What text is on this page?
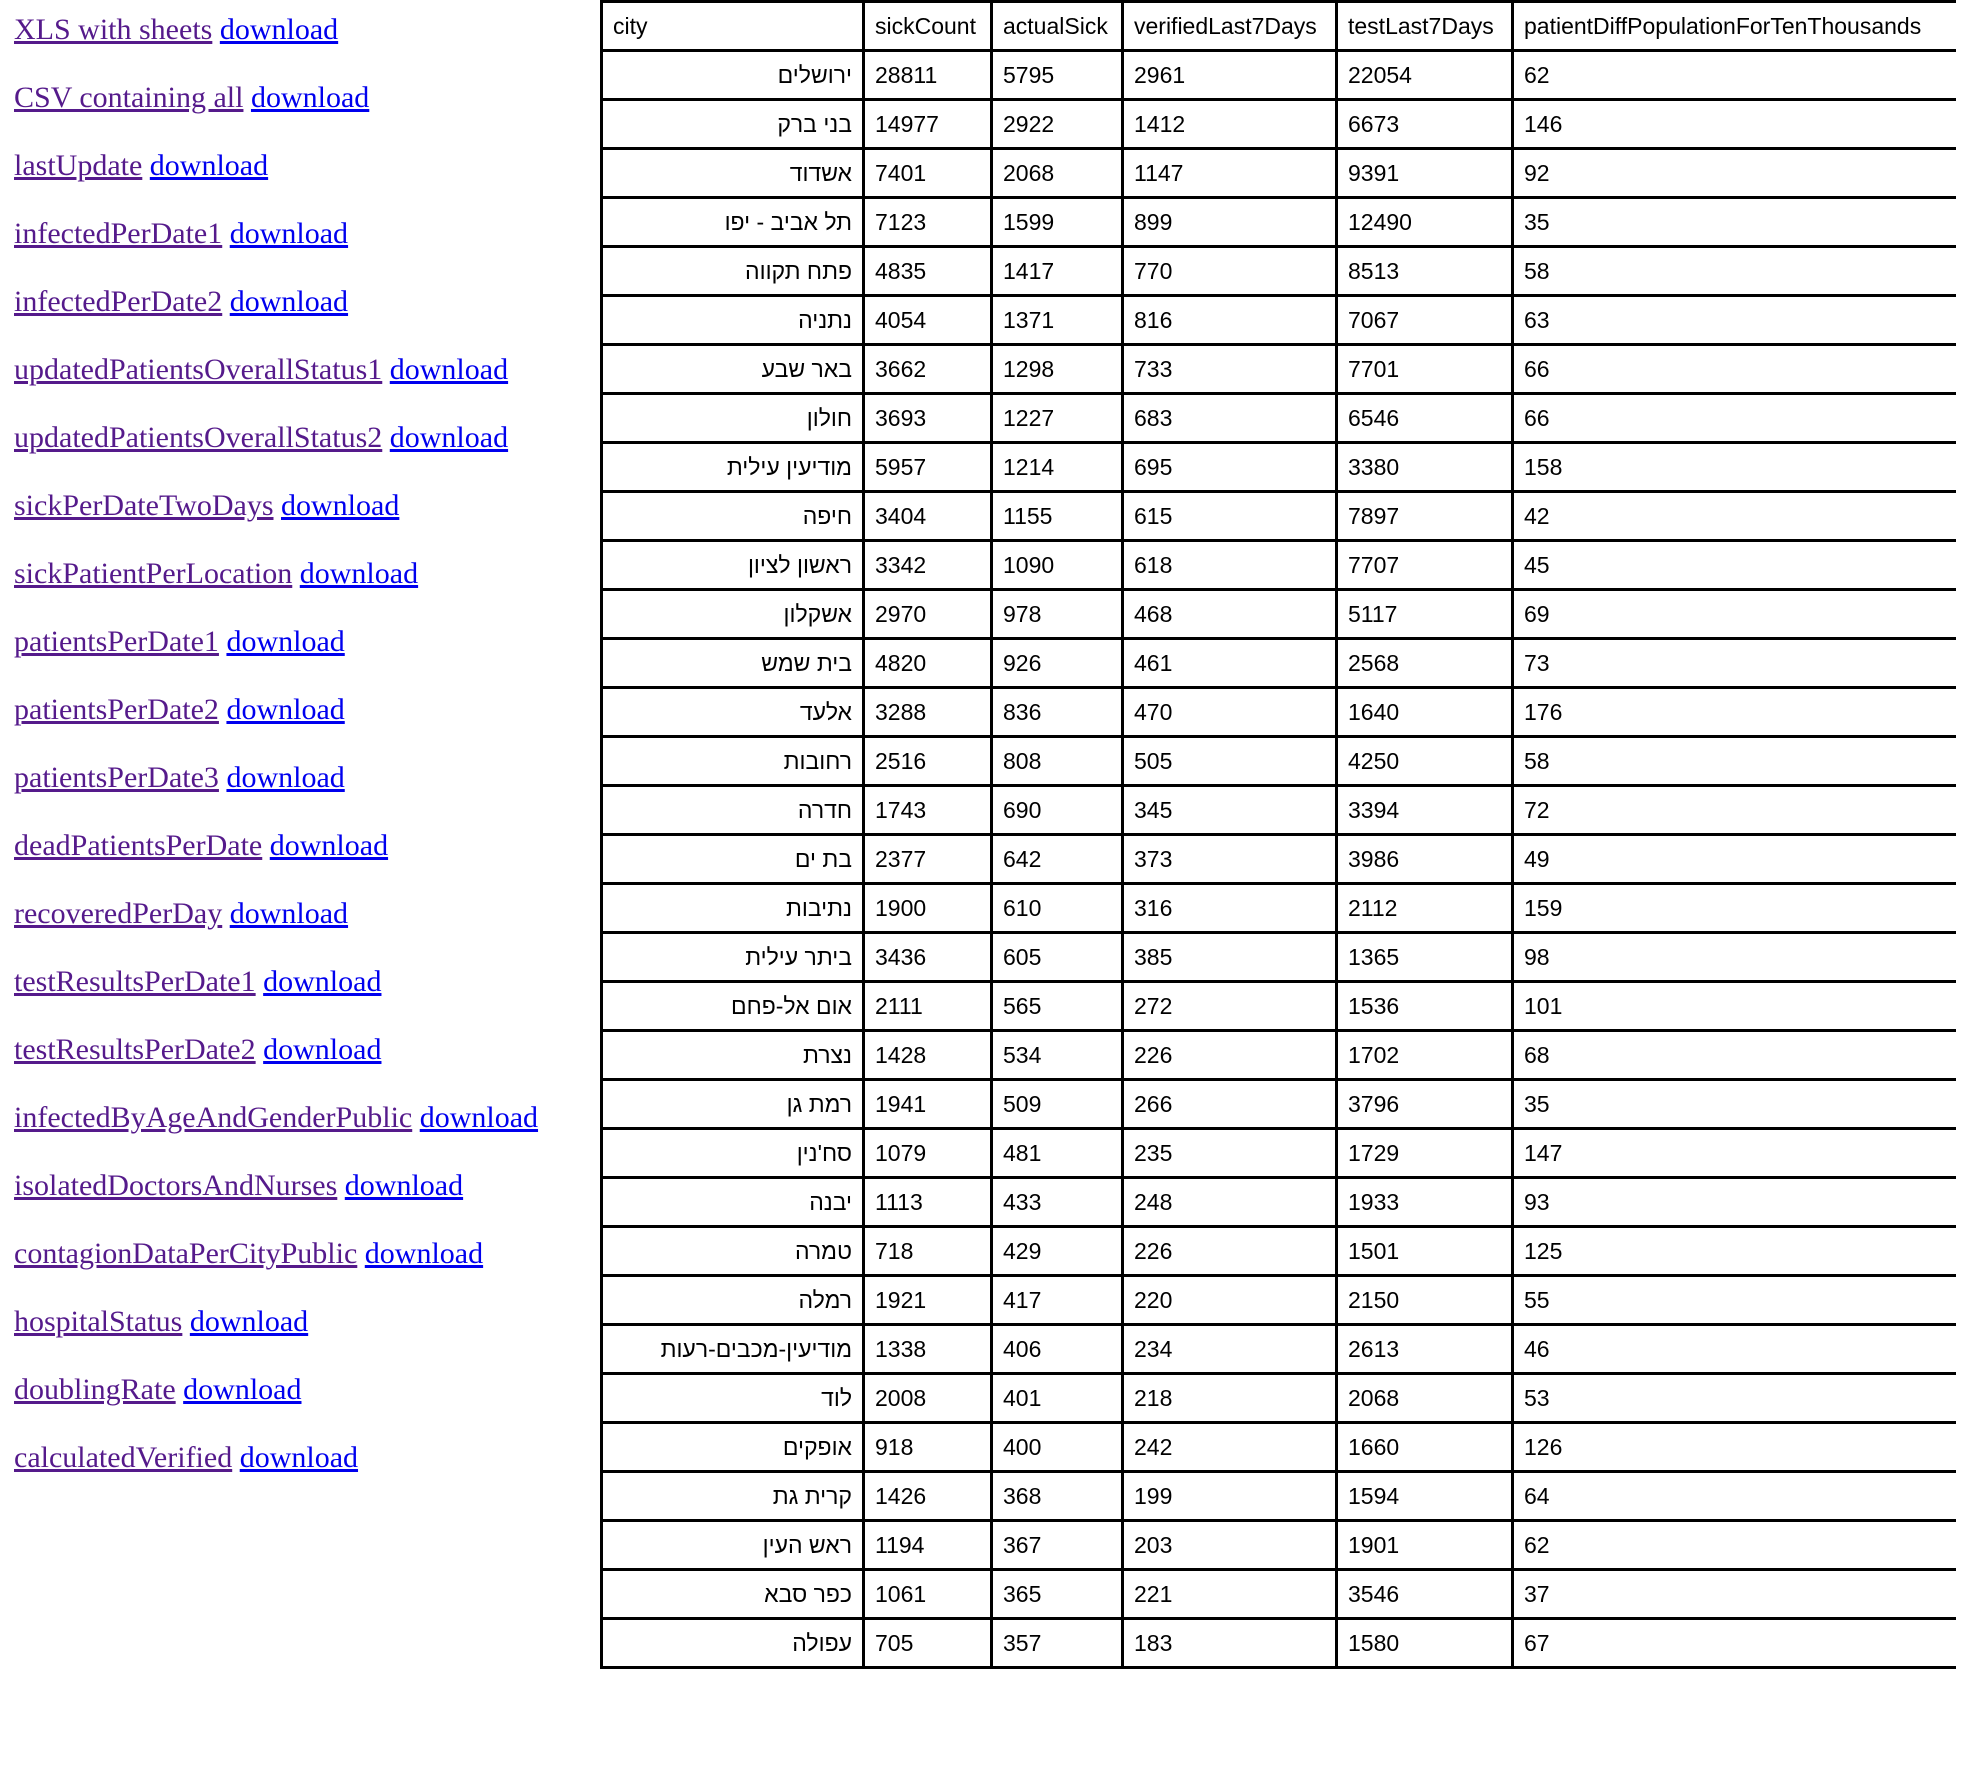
XLS with sheets download
CSV containing all download
lastUpdate download
infectedPerDate1 download
infectedPerDate2 download
updatedPatientsOverallStatus1 download
updatedPatientsOverallStatus2 download
sickPerDateTwoDays download
sickPatientPerLocation download
patientsPerDate1 download
patientsPerDate2 download
patientsPerDate3 download
deadPatientsPerDate download
recoveredPerDay download
testResultsPerDate1 download
testResultsPerDate2 download
infectedByAgeAndGenderPublic download
isolatedDoctorsAndNurses download
contagionDataPerCityPublic download
hospitalStatus download
doublingRate download
calculatedVerified download
city	sickCount	actualSick	verifiedLast7Days	testLast7Days	patientDiffPopulationForTenThousands
ירושלים	28811	5795	2961	22054	62
בני ברק	14977	2922	1412	6673	146
אשדוד	7401	2068	1147	9391	92
תל אביב - יפו	7123	1599	899	12490	35
פתח תקווה	4835	1417	770	8513	58
נתניה	4054	1371	816	7067	63
באר שבע	3662	1298	733	7701	66
חולון	3693	1227	683	6546	66
מודיעין עילית	5957	1214	695	3380	158
חיפה	3404	1155	615	7897	42
ראשון לציון	3342	1090	618	7707	45
אשקלון	2970	978	468	5117	69
בית שמש	4820	926	461	2568	73
אלעד	3288	836	470	1640	176
רחובות	2516	808	505	4250	58
חדרה	1743	690	345	3394	72
בת ים	2377	642	373	3986	49
נתיבות	1900	610	316	2112	159
ביתר עילית	3436	605	385	1365	98
אום אל-פחם	2111	565	272	1536	101
נצרת	1428	534	226	1702	68
רמת גן	1941	509	266	3796	35
סח'נין	1079	481	235	1729	147
יבנה	1113	433	248	1933	93
טמרה	718	429	226	1501	125
רמלה	1921	417	220	2150	55
מודיעין-מכבים-רעות	1338	406	234	2613	46
לוד	2008	401	218	2068	53
אופקים	918	400	242	1660	126
קרית גת	1426	368	199	1594	64
ראש העין	1194	367	203	1901	62
כפר סבא	1061	365	221	3546	37
עפולה	705	357	183	1580	67
